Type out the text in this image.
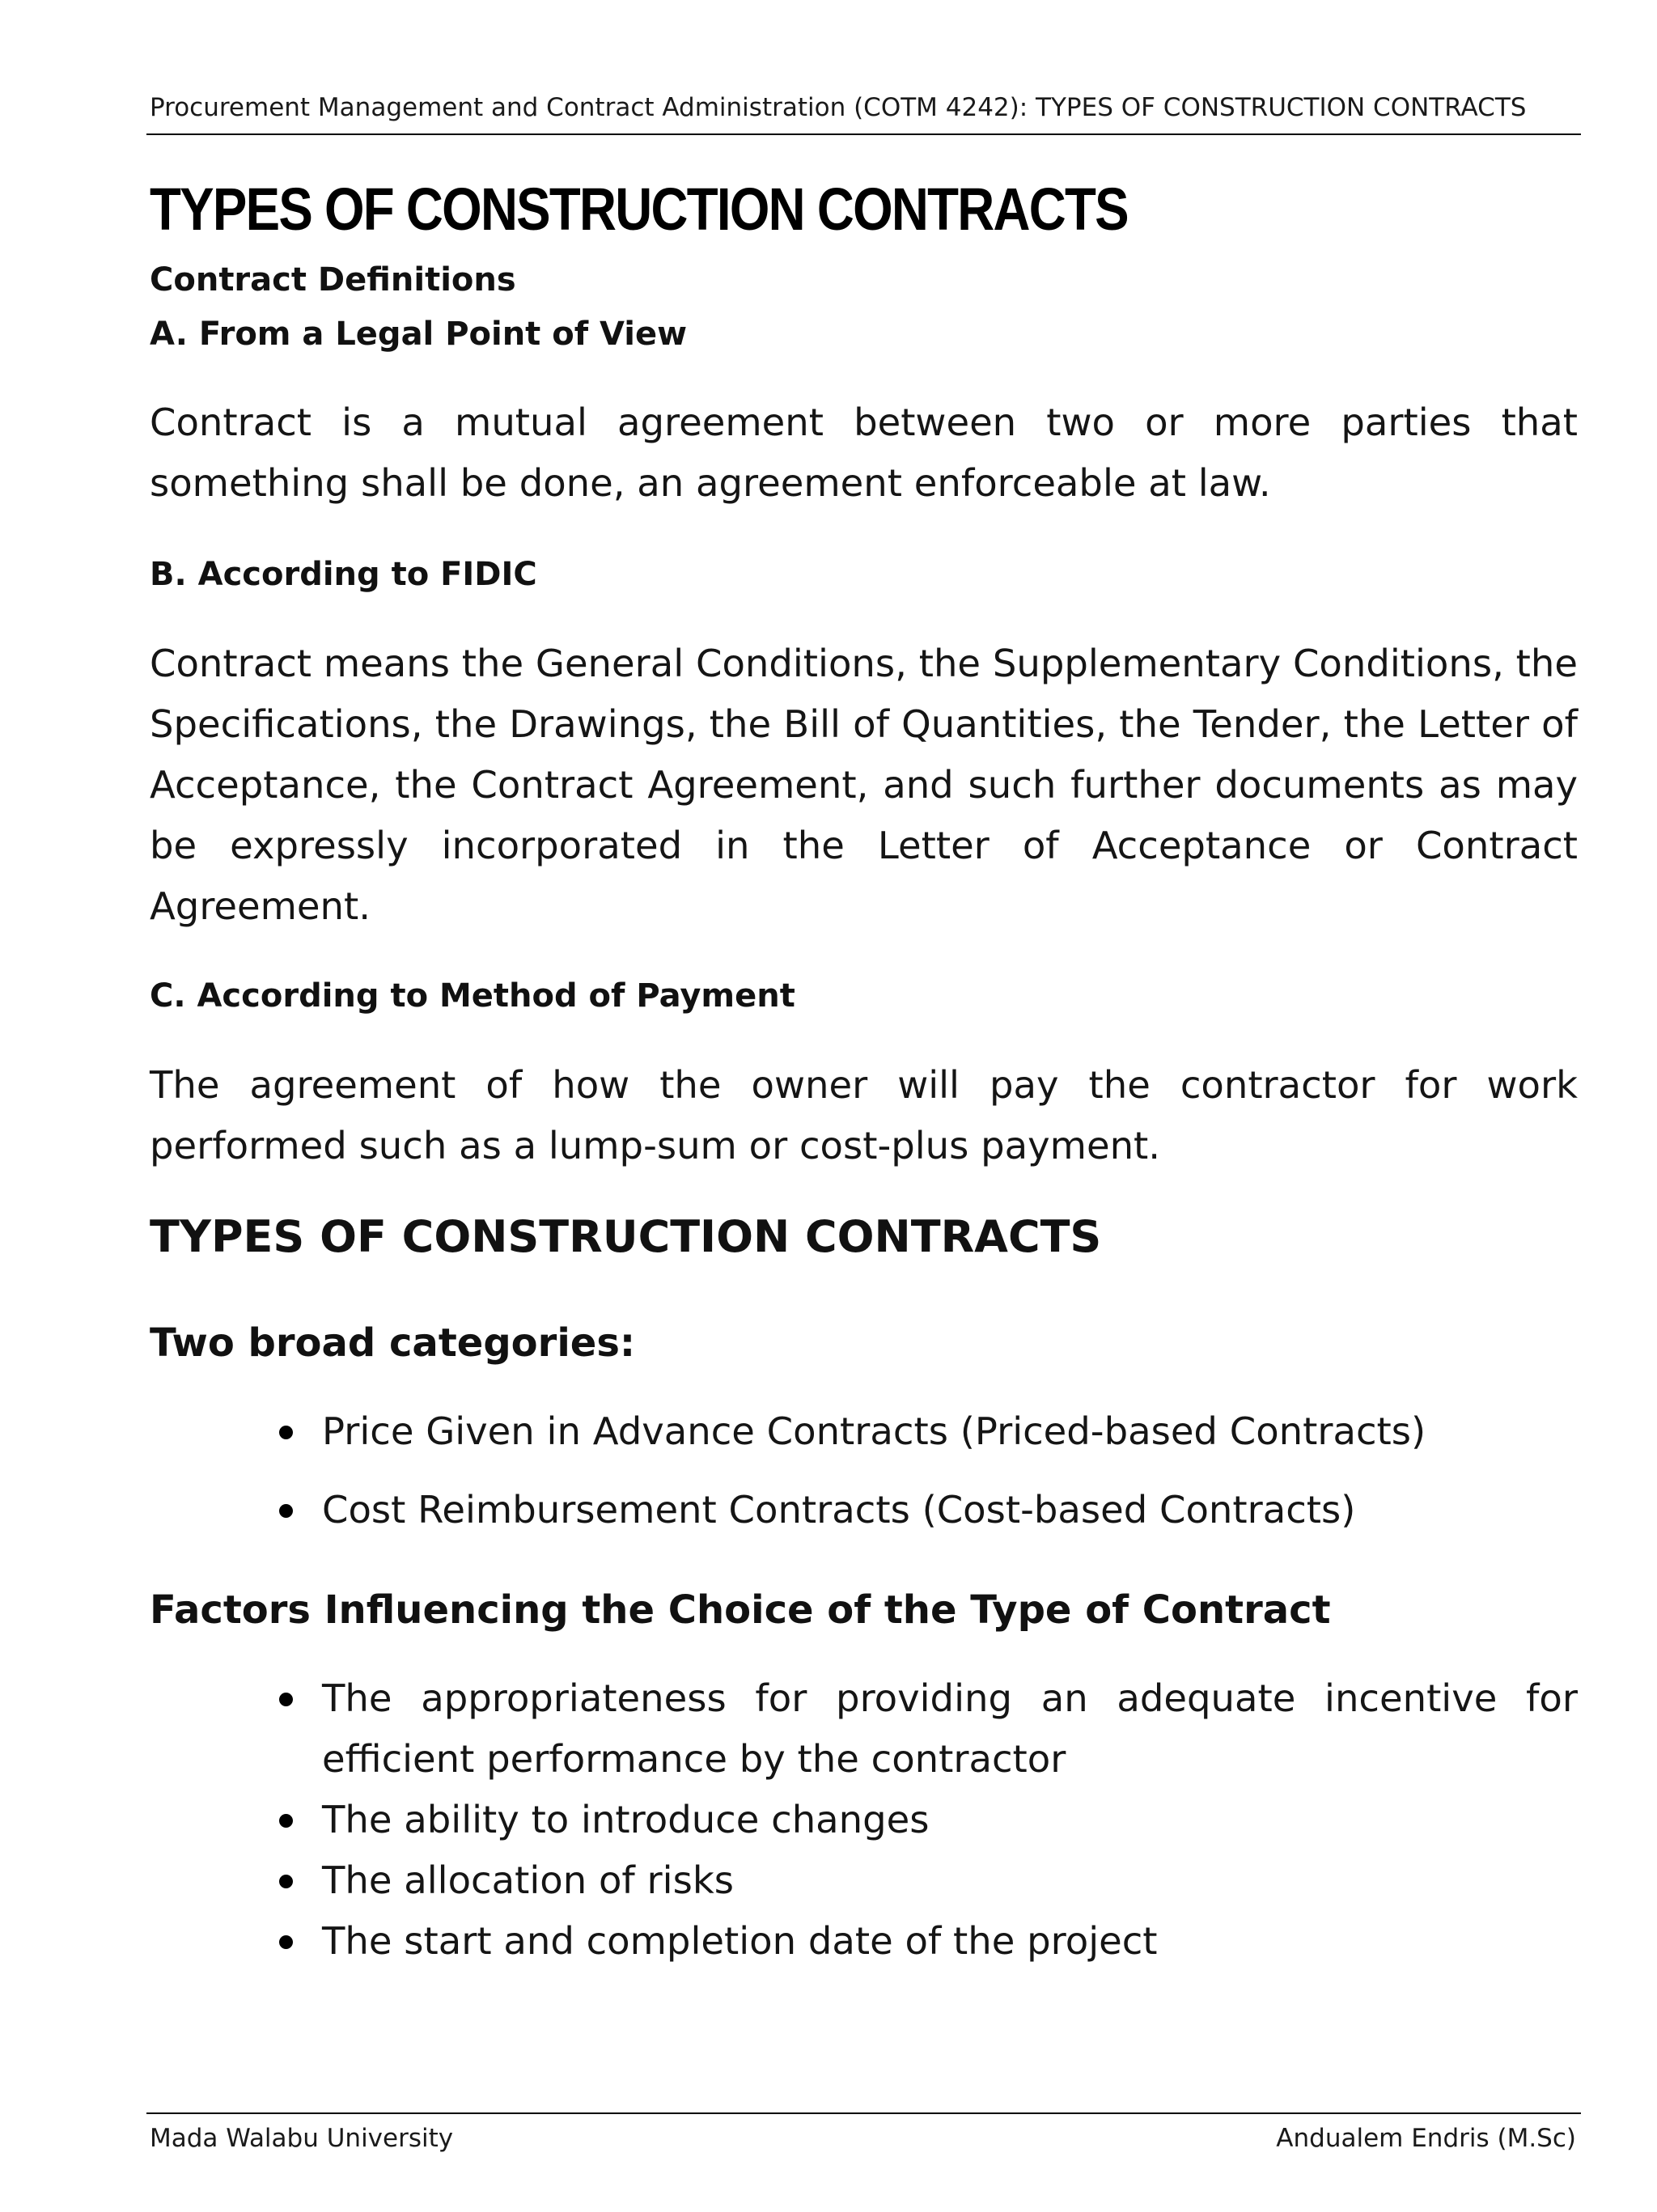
Procurement Management and Contract Administration (COTM 4242): TYPES OF CONSTRUCTION CONTRACTS
TYPES OF CONSTRUCTION CONTRACTS
Contract Definitions
A. From a Legal Point of View

Contract is a mutual agreement between two or more parties that something shall be done, an agreement enforceable at law.

B. According to FIDIC

Contract means the General Conditions, the Supplementary Conditions, the Specifications, the Drawings, the Bill of Quantities, the Tender, the Letter of Acceptance, the Contract Agreement, and such further documents as may be expressly incorporated in the Letter of Acceptance or Contract Agreement.

C. According to Method of Payment

The agreement of how the owner will pay the contractor for work performed such as a lump-sum or cost-plus payment.

TYPES OF CONSTRUCTION CONTRACTS
Two broad categories:
Price Given in Advance Contracts (Priced-based Contracts)
Cost Reimbursement Contracts (Cost-based Contracts)
Factors Influencing the Choice of the Type of Contract
The appropriateness for providing an adequate incentive for efficient performance by the contractor
The ability to introduce changes
The allocation of risks
The start and completion date of the project
Mada Walabu University	Andualem Endris (M.Sc)
